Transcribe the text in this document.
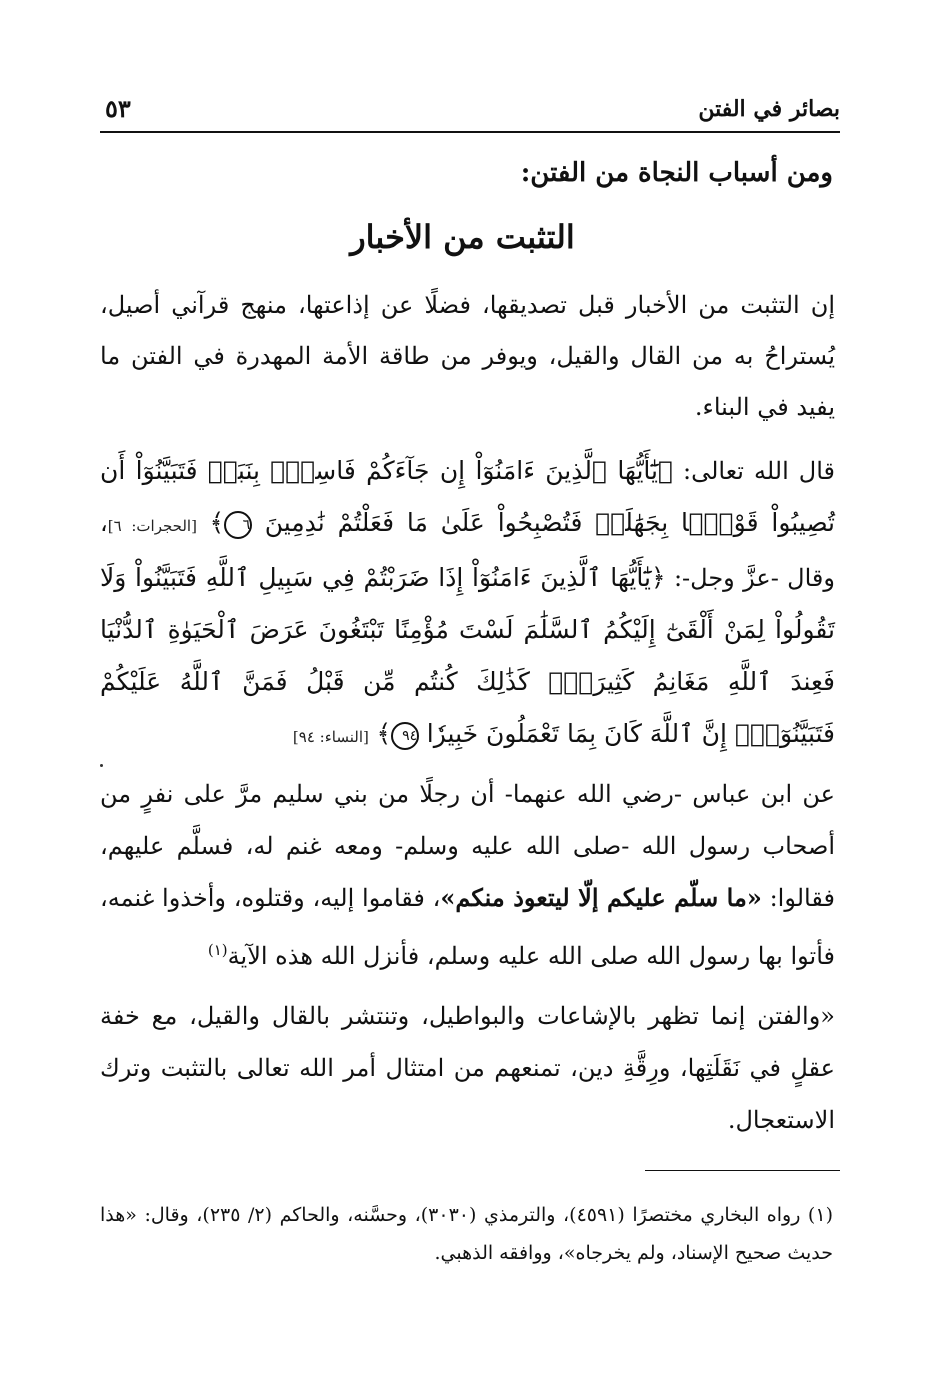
بصائر في الفتن
٥٣
ومن أسباب النجاة من الفتن:
التثبت من الأخبار
إن التثبت من الأخبار قبل تصديقها، فضلًا عن إذاعتها، منهج قرآني أصيل، يُستراحُ به من القال والقيل، ويوفر من طاقة الأمة المهدرة في الفتن ما يفيد في البناء.
قال الله تعالى: ﴿يَٰٓأَيُّهَا ٱلَّذِينَ ءَامَنُوٓاْ إِن جَآءَكُمْ فَاسِقُۢ بِنَبَإٖ فَتَبَيَّنُوٓاْ أَن تُصِيبُواْ قَوْمًۢا بِجَهَٰلَةٖ فَتُصْبِحُواْ عَلَىٰ مَا فَعَلْتُمْ نَٰدِمِينَ ٦﴾ [الحجرات: ٦]، وقال -عزَّ وجل-: ﴿يَٰٓأَيُّهَا ٱلَّذِينَ ءَامَنُوٓاْ إِذَا ضَرَبْتُمْ فِي سَبِيلِ ٱللَّهِ فَتَبَيَّنُواْ وَلَا تَقُولُواْ لِمَنْ أَلْقَىٰٓ إِلَيْكُمُ ٱلسَّلَٰمَ لَسْتَ مُؤْمِنًا تَبْتَغُونَ عَرَضَ ٱلْحَيَوٰةِ ٱلدُّنْيَا فَعِندَ ٱللَّهِ مَغَانِمُ كَثِيرَةٞۚ كَذَٰلِكَ كُنتُم مِّن قَبْلُ فَمَنَّ ٱللَّهُ عَلَيْكُمْ فَتَبَيَّنُوٓاْۚ إِنَّ ٱللَّهَ كَانَ بِمَا تَعْمَلُونَ خَبِيرٗا ٩٤﴾ [النساء: ٩٤]
عن ابن عباس -رضي الله عنهما- أن رجلًا من بني سليم مرَّ على نفرٍ من أصحاب رسول الله -صلى الله عليه وسلم- ومعه غنم له، فسلَّم عليهم، فقالوا: «ما سلّم عليكم إلّا ليتعوذ منكم»، فقاموا إليه، وقتلوه، وأخذوا غنمه، فأتوا بها رسول الله صلى الله عليه وسلم، فأنزل الله هذه الآية$^{(١)}$
«والفتن إنما تظهر بالإشاعات والبواطيل، وتنتشر بالقال والقيل، مع خفة عقلٍ في نَقَلَتِها، ورِقَّةِ دين، تمنعهم من امتثال أمر الله تعالى بالتثبت وترك الاستعجال.
(١) رواه البخاري مختصرًا (٤٥٩١)، والترمذي (٣٠٣٠)، وحسَّنه، والحاكم (٢/ ٢٣٥)، وقال: «هذا حديث صحيح الإسناد، ولم يخرجاه»، ووافقه الذهبي.
